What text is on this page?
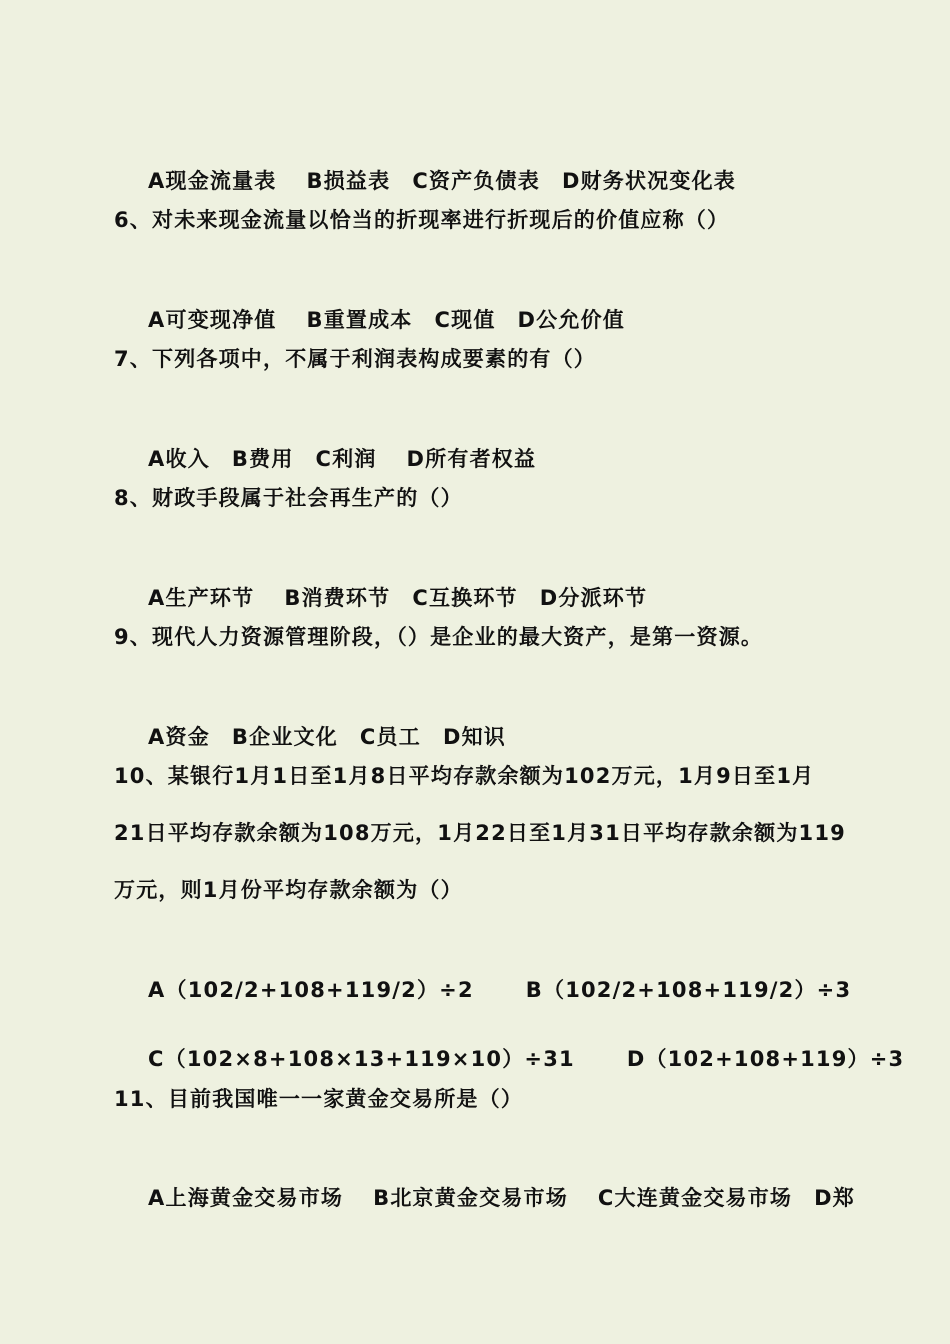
A现金流量表 B损益表 C资产负债表 D财务状况变化表

6、对未来现金流量以恰当的折现率进行折现后的价值应称（）

A可变现净值 B重置成本 C现值 D公允价值

7、下列各项中，不属于利润表构成要素的有（）

A收入 B费用 C利润 D所有者权益

8、财政手段属于社会再生产的（）

A生产环节 B消费环节 C互换环节 D分派环节

9、现代人力资源管理阶段，（）是企业的最大资产，是第一资源。

A资金 B企业文化 C员工 D知识

10、某银行1月1日至1月8日平均存款余额为102万元，1月9日至1月
21日平均存款余额为108万元，1月22日至1月31日平均存款余额为119
万元，则1月份平均存款余额为（）

A（102/2+108+119/2）÷2 B（102/2+108+119/2）÷3

C（102×8+108×13+119×10）÷31 D（102+108+119）÷3

11、目前我国唯一一家黄金交易所是（）

A上海黄金交易市场 B北京黄金交易市场 C大连黄金交易市场 D郑
